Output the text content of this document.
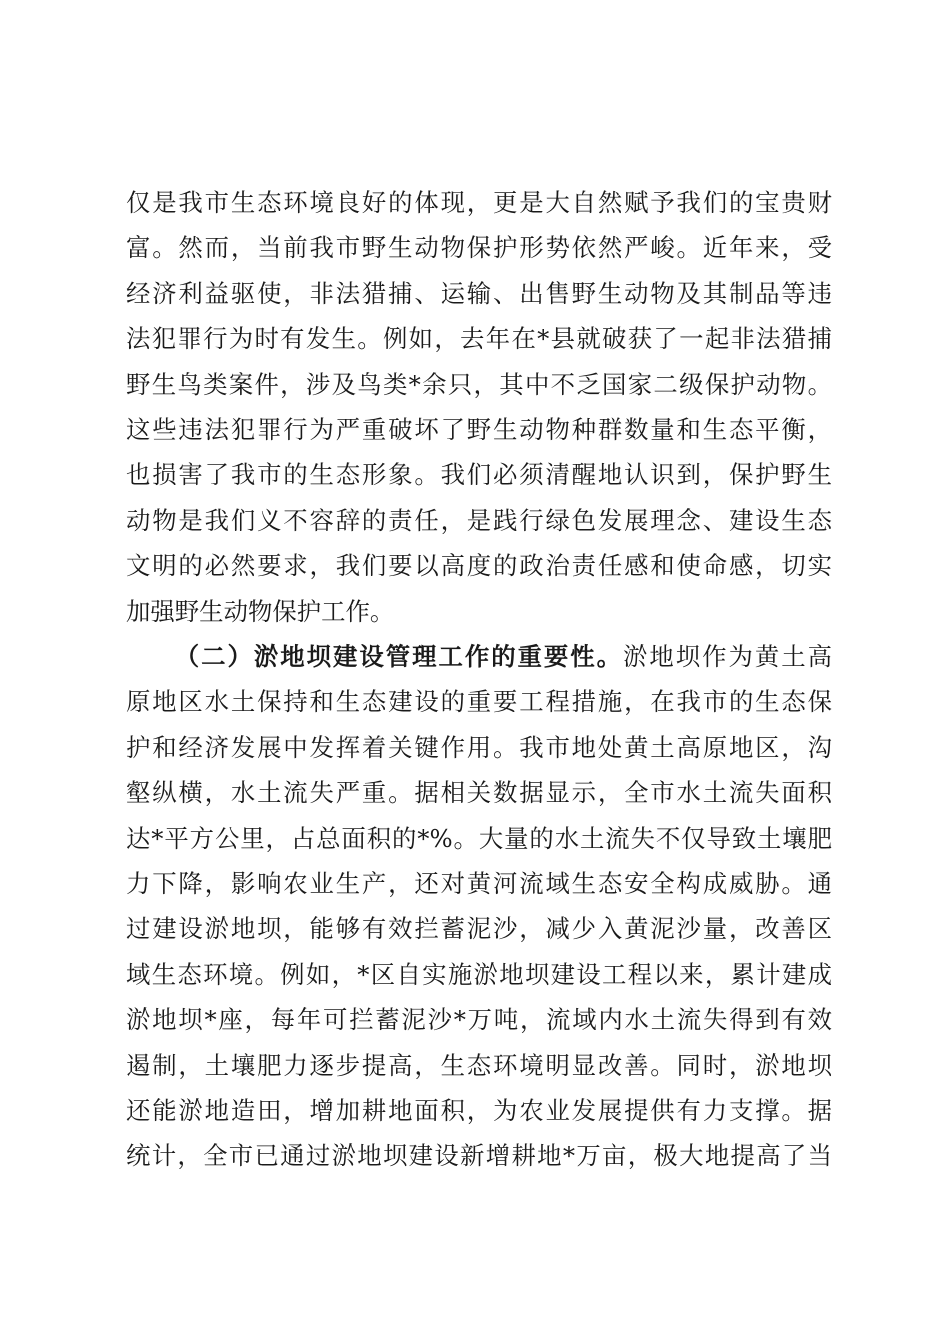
仅是我市生态环境良好的体现，更是大自然赋予我们的宝贵财
富。然而，当前我市野生动物保护形势依然严峻。近年来，受
经济利益驱使，非法猎捕、运输、出售野生动物及其制品等违
法犯罪行为时有发生。例如，去年在*县就破获了一起非法猎捕
野生鸟类案件，涉及鸟类*余只，其中不乏国家二级保护动物。
这些违法犯罪行为严重破坏了野生动物种群数量和生态平衡，
也损害了我市的生态形象。我们必须清醒地认识到，保护野生
动物是我们义不容辞的责任，是践行绿色发展理念、建设生态
文明的必然要求，我们要以高度的政治责任感和使命感，切实
加强野生动物保护工作。
（二）淤地坝建设管理工作的重要性。淤地坝作为黄土高
原地区水土保持和生态建设的重要工程措施，在我市的生态保
护和经济发展中发挥着关键作用。我市地处黄土高原地区，沟
壑纵横，水土流失严重。据相关数据显示，全市水土流失面积
达*平方公里，占总面积的*%。大量的水土流失不仅导致土壤肥
力下降，影响农业生产，还对黄河流域生态安全构成威胁。通
过建设淤地坝，能够有效拦蓄泥沙，减少入黄泥沙量，改善区
域生态环境。例如，*区自实施淤地坝建设工程以来，累计建成
淤地坝*座，每年可拦蓄泥沙*万吨，流域内水土流失得到有效
遏制，土壤肥力逐步提高，生态环境明显改善。同时，淤地坝
还能淤地造田，增加耕地面积，为农业发展提供有力支撑。据
统计，全市已通过淤地坝建设新增耕地*万亩，极大地提高了当
